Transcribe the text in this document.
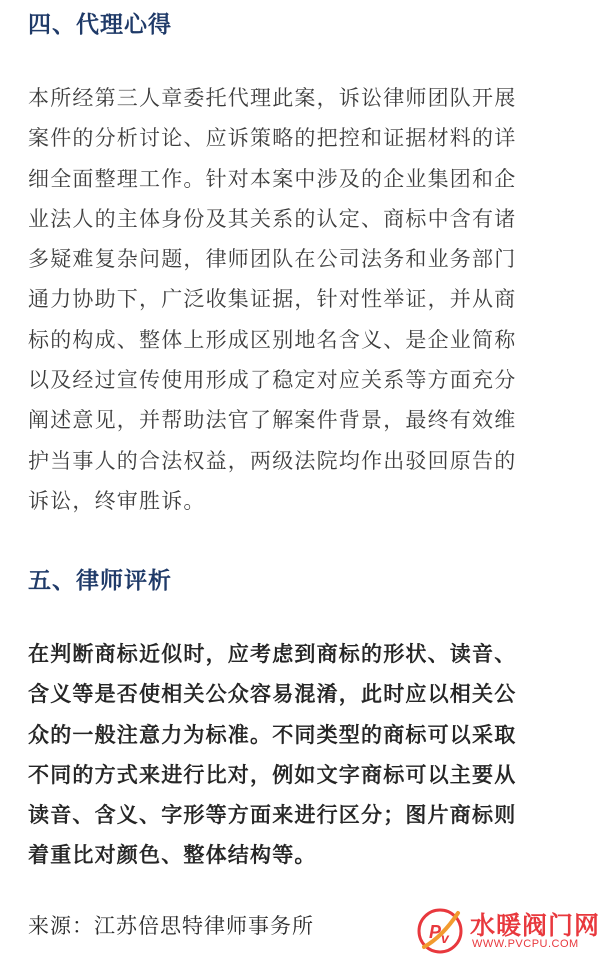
四、代理心得
本所经第三人章委托代理此案，诉讼律师团队开展
案件的分析讨论、应诉策略的把控和证据材料的详
细全面整理工作。针对本案中涉及的企业集团和企
业法人的主体身份及其关系的认定、商标中含有诸
多疑难复杂问题，律师团队在公司法务和业务部门
通力协助下，广泛收集证据，针对性举证，并从商
标的构成、整体上形成区别地名含义、是企业简称
以及经过宣传使用形成了稳定对应关系等方面充分
阐述意见，并帮助法官了解案件背景，最终有效维
护当事人的合法权益，两级法院均作出驳回原告的
诉讼，终审胜诉。
五、律师评析
在判断商标近似时，应考虑到商标的形状、读音、
含义等是否使相关公众容易混淆，此时应以相关公
众的一般注意力为标准。不同类型的商标可以采取
不同的方式来进行比对，例如文字商标可以主要从
读音、含义、字形等方面来进行区分；图片商标则
着重比对颜色、整体结构等。
来源：江苏倍思特律师事务所	P v 水暖阀门网
WWW.PVCPU.COM
